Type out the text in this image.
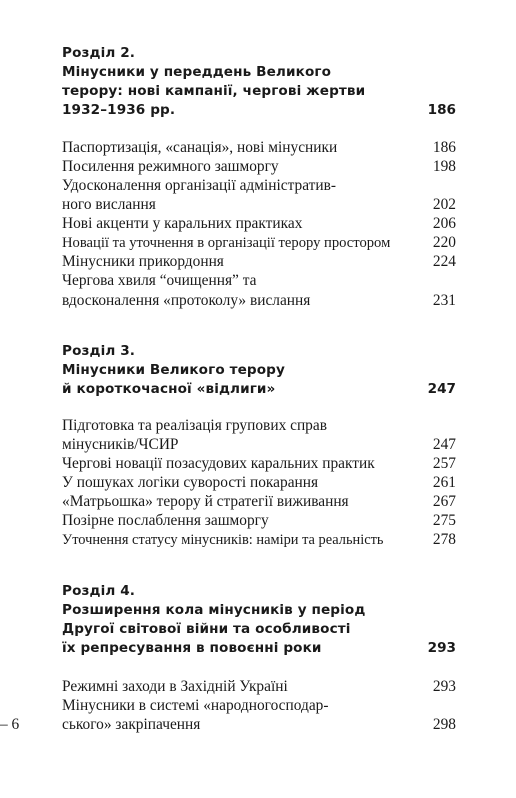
Розділ 2.
Мінусники у переддень Великого
терору: нові кампанії, чергові жертви
1932–1936 рр.	186
Паспортизація, «санація», нові мінусники	186
Посилення режимного зашморгу	198
Удосконалення організації адміністратив-
ного вислання	202
Нові акценти у каральних практиках	206
Новації та уточнення в організації терору простором	220
Мінусники прикордоння	224
Чергова хвиля “очищення” та
вдосконалення «протоколу» вислання	231
Розділ 3.
Мінусники Великого терору
й короткочасної «відлиги»	247
Підготовка та реалізація групових справ
мінусників/ЧСИР	247
Чергові новації позасудових каральних практик	257
У пошуках логіки суворості покарання	261
«Матрьошка» терору й стратегії виживання	267
Позірне послаблення зашморгу	275
Уточнення статусу мінусників: наміри та реальність	278
Розділ 4.
Розширення кола мінусників у період
Другої світової війни та особливості
їх репресування в повоєнні роки	293
Режимні заходи в Західній Україні	293
Мінусники в системі «народногосподар-
ського» закріпачення	298
– 6
